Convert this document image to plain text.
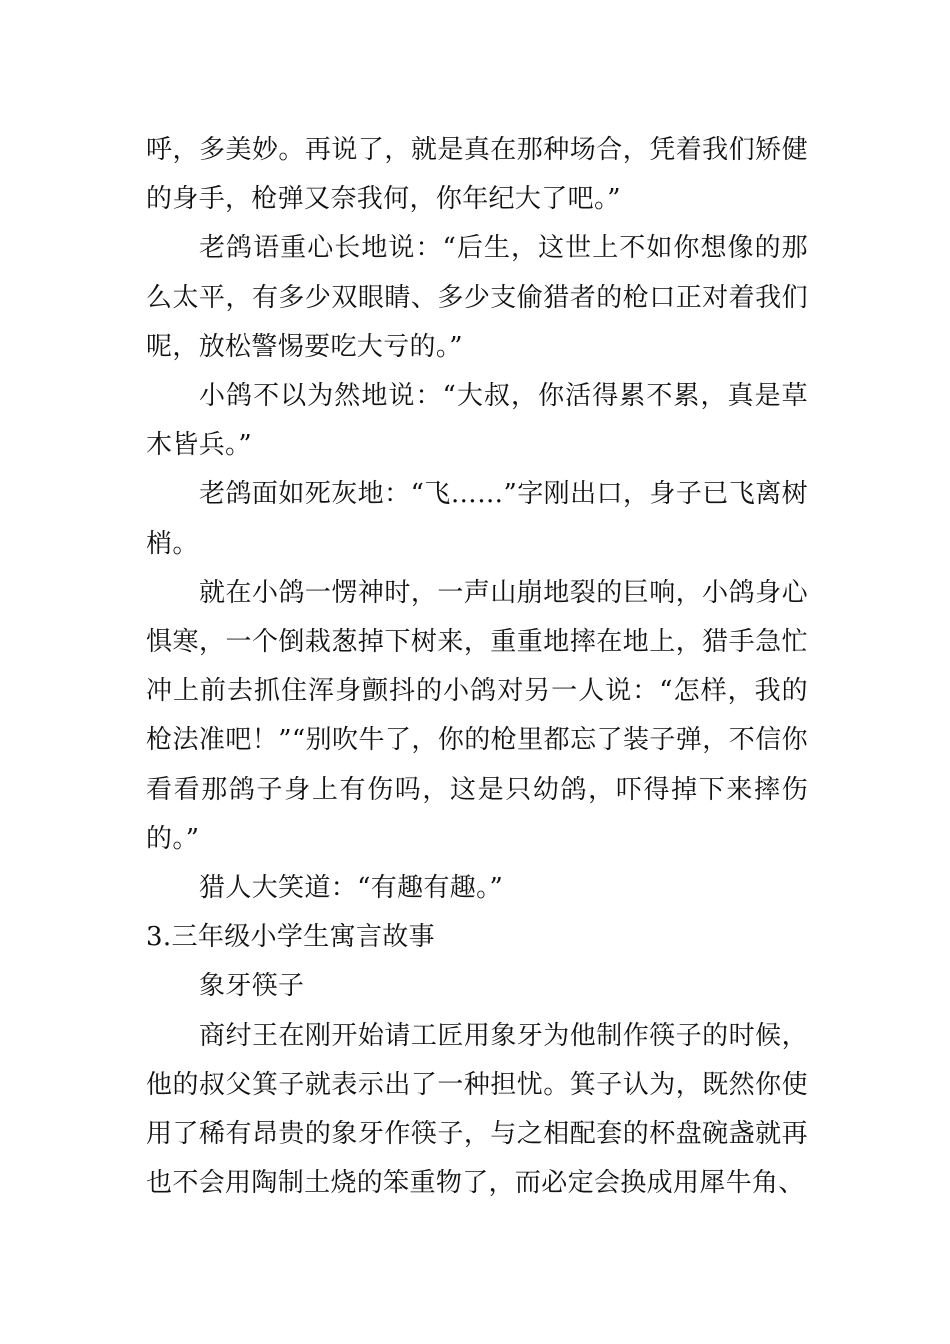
呼，多美妙。再说了，就是真在那种场合，凭着我们矫健的身手，枪弹又奈我何，你年纪大了吧。”

老鸽语重心长地说：“后生，这世上不如你想像的那么太平，有多少双眼睛、多少支偷猎者的枪口正对着我们呢，放松警惕要吃大亏的。”

小鸽不以为然地说：“大叔，你活得累不累，真是草木皆兵。”

老鸽面如死灰地：“飞……”字刚出口，身子已飞离树梢。

就在小鸽一愣神时，一声山崩地裂的巨响，小鸽身心惧寒，一个倒栽葱掉下树来，重重地摔在地上，猎手急忙冲上前去抓住浑身颤抖的小鸽对另一人说：“怎样，我的枪法准吧！”“别吹牛了，你的枪里都忘了装子弹，不信你看看那鸽子身上有伤吗，这是只幼鸽，吓得掉下来摔伤的。”

猎人大笑道：“有趣有趣。”

3.三年级小学生寓言故事

象牙筷子

商纣王在刚开始请工匠用象牙为他制作筷子的时候，他的叔父箕子就表示出了一种担忧。箕子认为，既然你使用了稀有昂贵的象牙作筷子，与之相配套的杯盘碗盏就再也不会用陶制土烧的笨重物了，而必定会换成用犀牛角、
